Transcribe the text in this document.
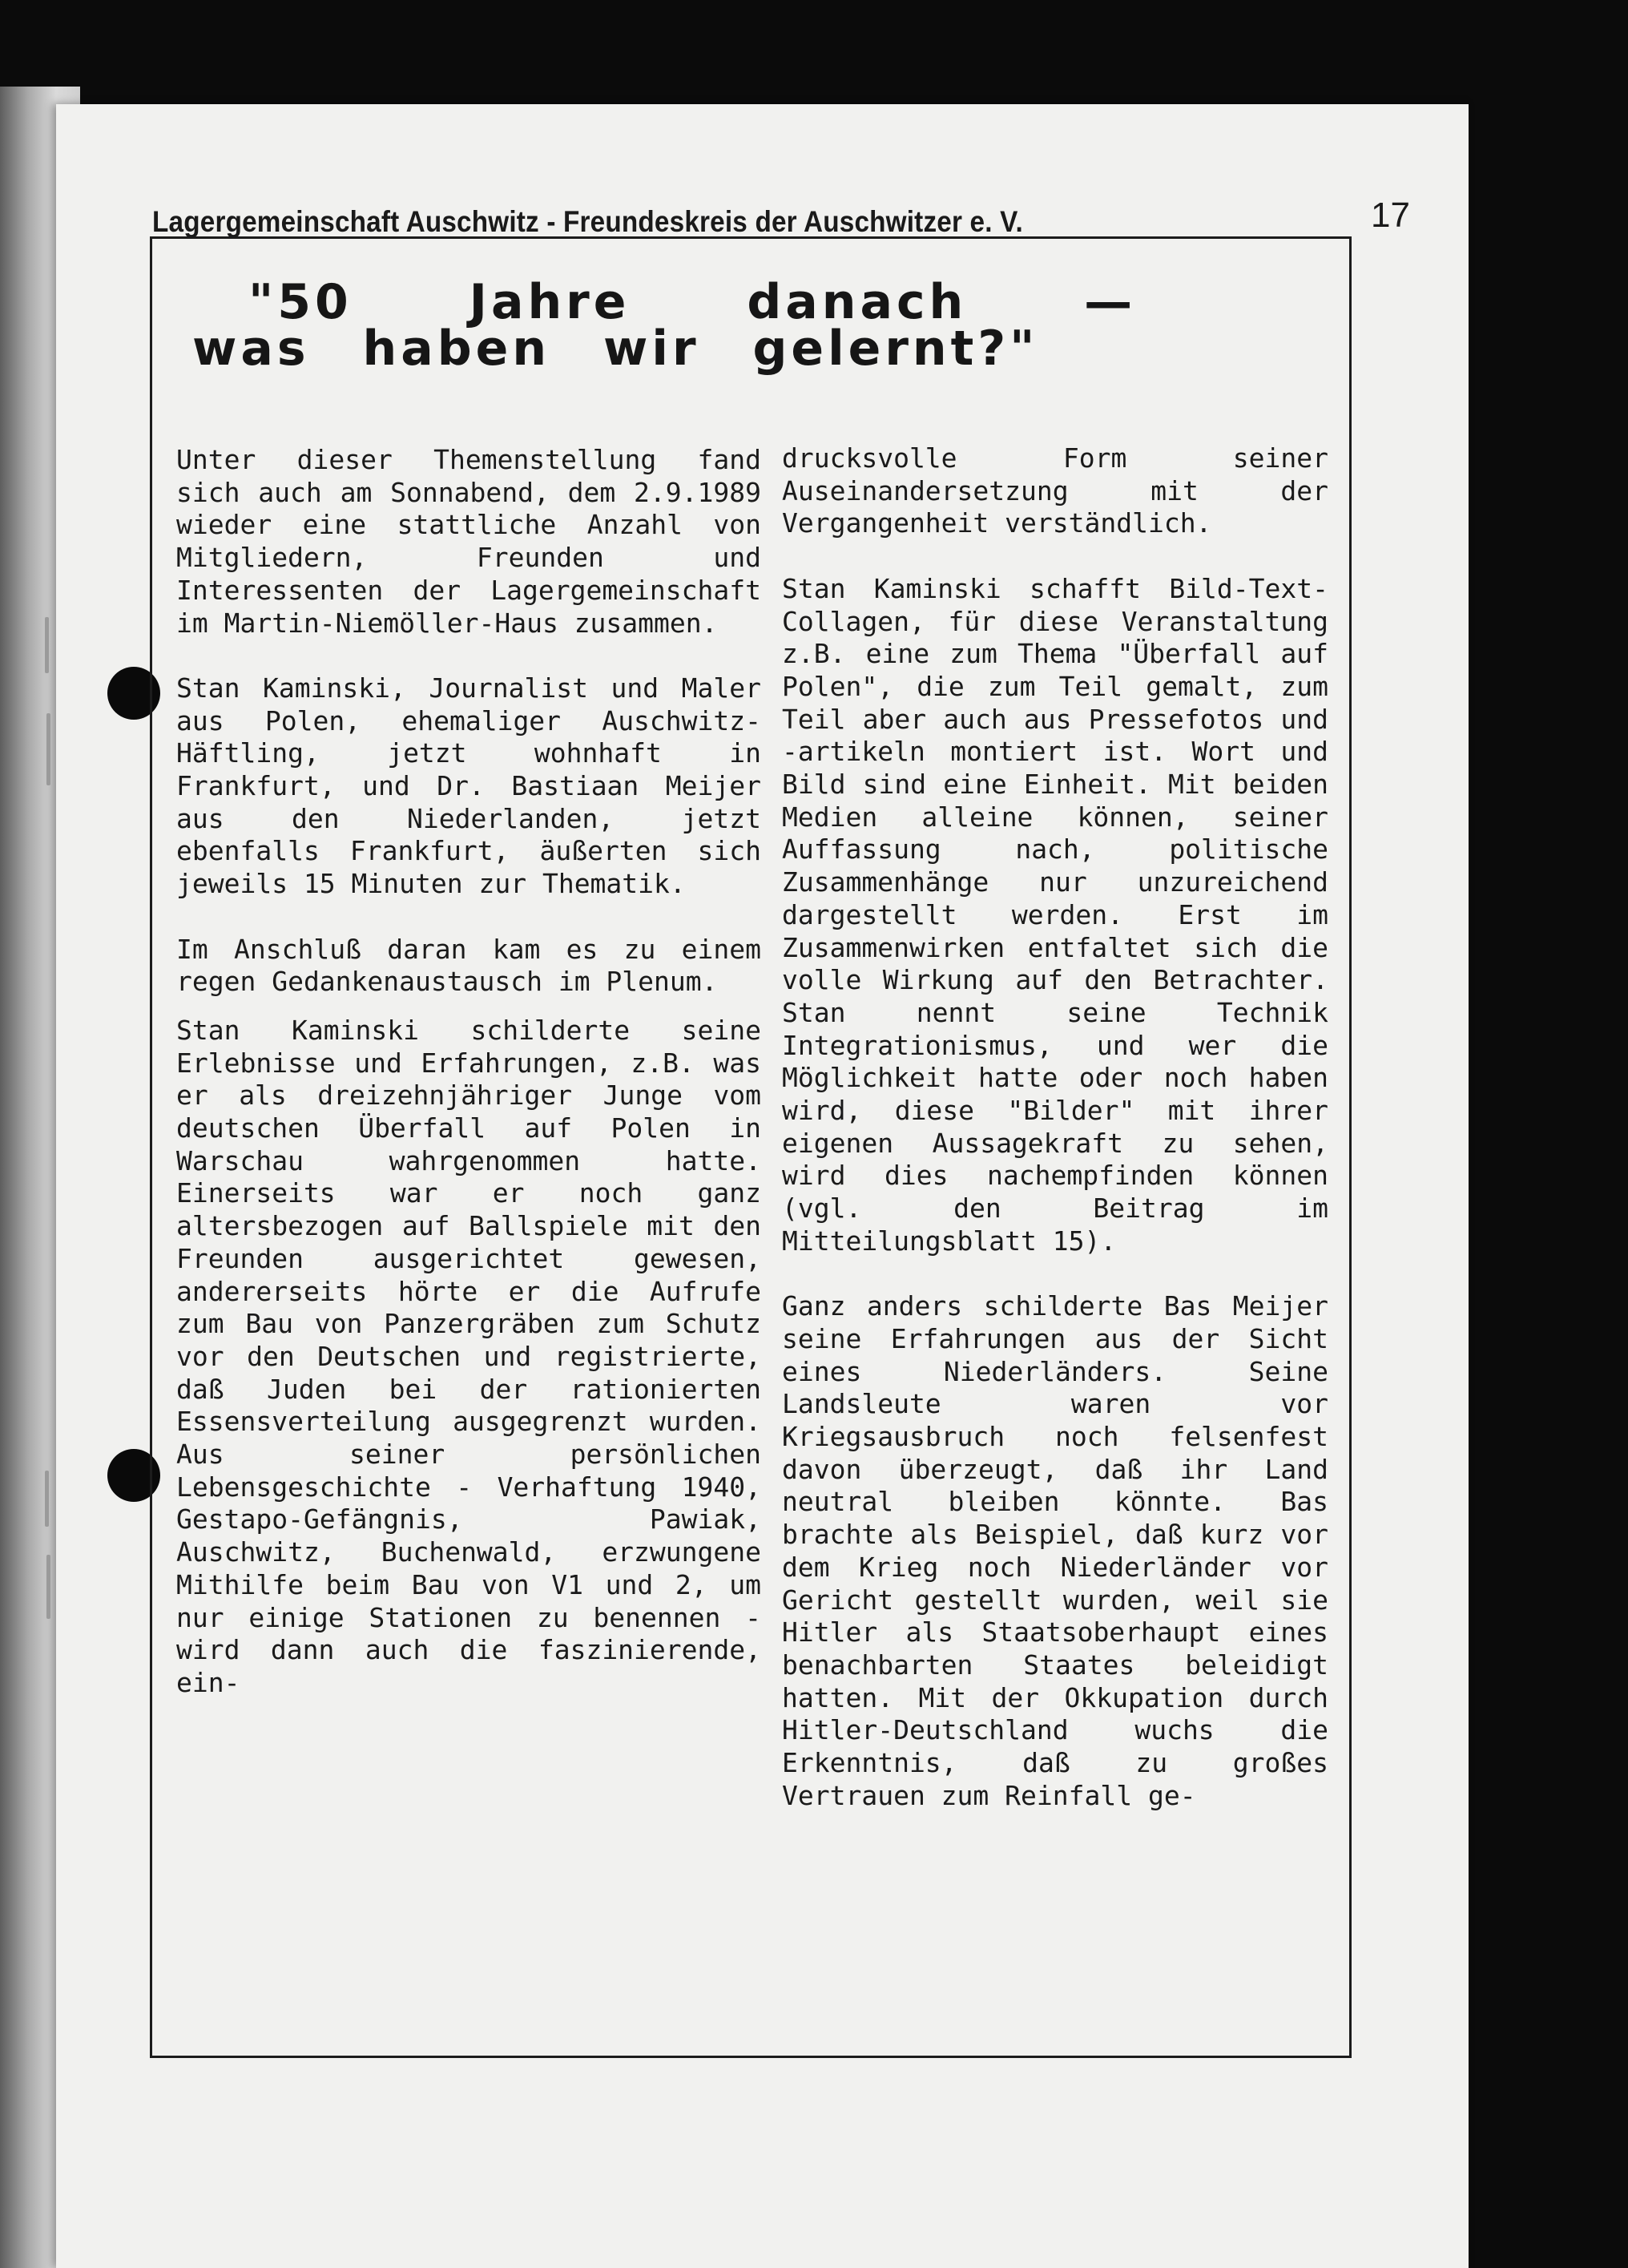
Lagergemeinschaft Auschwitz - Freundeskreis der Auschwitzer e. V.	17
"50 Jahre danach —
was haben wir gelernt?"

Unter dieser Themenstellung fand sich auch am Sonnabend, dem 2.9.1989 wieder eine stattliche Anzahl von Mitgliedern, Freunden und Interessenten der Lagergemeinschaft im Martin-Niemöller-Haus zusammen.

Stan Kaminski, Journalist und Maler aus Polen, ehemaliger Auschwitz-Häftling, jetzt wohnhaft in Frankfurt, und Dr. Bastiaan Meijer aus den Niederlanden, jetzt ebenfalls Frankfurt, äußerten sich jeweils 15 Minuten zur Thematik.

Im Anschluß daran kam es zu einem regen Gedankenaustausch im Plenum.

Stan Kaminski schilderte seine Erlebnisse und Erfahrungen, z.B. was er als dreizehnjähriger Junge vom deutschen Überfall auf Polen in Warschau wahrgenommen hatte. Einerseits war er noch ganz altersbezogen auf Ballspiele mit den Freunden ausgerichtet gewesen, andererseits hörte er die Aufrufe zum Bau von Panzergräben zum Schutz vor den Deutschen und registrierte, daß Juden bei der rationierten Essensverteilung ausgegrenzt wurden. Aus seiner persönlichen Lebensgeschichte - Verhaftung 1940, Gestapo-Gefängnis, Pawiak, Auschwitz, Buchenwald, erzwungene Mithilfe beim Bau von V1 und 2, um nur einige Stationen zu benennen - wird dann auch die faszinierende, ein-

drucksvolle Form seiner Auseinandersetzung mit der Vergangenheit verständlich.

Stan Kaminski schafft Bild-Text-Collagen, für diese Veranstaltung z.B. eine zum Thema "Überfall auf Polen", die zum Teil gemalt, zum Teil aber auch aus Pressefotos und -artikeln montiert ist. Wort und Bild sind eine Einheit. Mit beiden Medien alleine können, seiner Auffassung nach, politische Zusammenhänge nur unzureichend dargestellt werden. Erst im Zusammenwirken entfaltet sich die volle Wirkung auf den Betrachter. Stan nennt seine Technik Integrationismus, und wer die Möglichkeit hatte oder noch haben wird, diese "Bilder" mit ihrer eigenen Aussagekraft zu sehen, wird dies nachempfinden können (vgl. den Beitrag im Mitteilungsblatt 15).

Ganz anders schilderte Bas Meijer seine Erfahrungen aus der Sicht eines Niederländers. Seine Landsleute waren vor Kriegsausbruch noch felsenfest davon überzeugt, daß ihr Land neutral bleiben könnte. Bas brachte als Beispiel, daß kurz vor dem Krieg noch Niederländer vor Gericht gestellt wurden, weil sie Hitler als Staatsoberhaupt eines benachbarten Staates beleidigt hatten. Mit der Okkupation durch Hitler-Deutschland wuchs die Erkenntnis, daß zu großes Vertrauen zum Reinfall ge-
